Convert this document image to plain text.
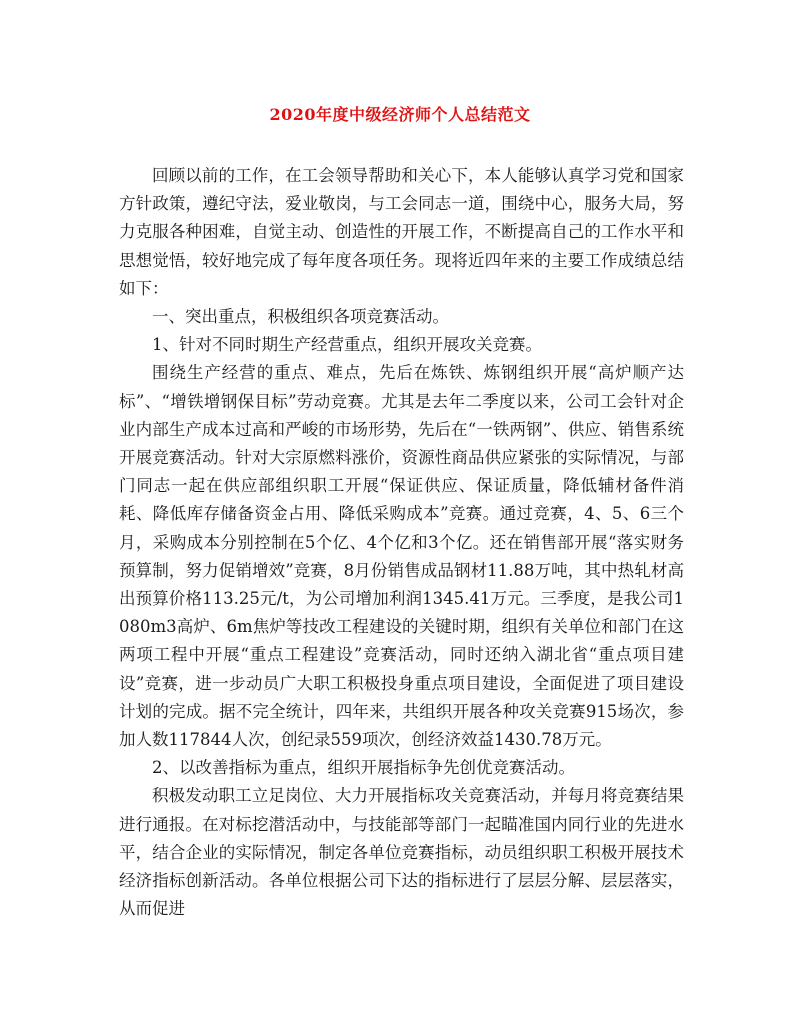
2020年度中级经济师个人总结范文

回顾以前的工作，在工会领导帮助和关心下，本人能够认真学习党和国家方针政策，遵纪守法，爱业敬岗，与工会同志一道，围绕中心，服务大局，努力克服各种困难，自觉主动、创造性的开展工作，不断提高自己的工作水平和思想觉悟，较好地完成了每年度各项任务。现将近四年来的主要工作成绩总结如下：

一、突出重点，积极组织各项竞赛活动。

1、针对不同时期生产经营重点，组织开展攻关竞赛。

围绕生产经营的重点、难点，先后在炼铁、炼钢组织开展“高炉顺产达标”、“增铁增钢保目标”劳动竞赛。尤其是去年二季度以来，公司工会针对企业内部生产成本过高和严峻的市场形势，先后在“一铁两钢”、供应、销售系统开展竞赛活动。针对大宗原燃料涨价，资源性商品供应紧张的实际情况，与部门同志一起在供应部组织职工开展“保证供应、保证质量，降低辅材备件消耗、降低库存储备资金占用、降低采购成本”竞赛。通过竞赛，4、5、6三个月，采购成本分别控制在5个亿、4个亿和3个亿。还在销售部开展“落实财务预算制，努力促销增效”竞赛，8月份销售成品钢材11.88万吨，其中热轧材高出预算价格113.25元/t，为公司增加利润1345.41万元。三季度，是我公司1080m3高炉、6m焦炉等技改工程建设的关键时期，组织有关单位和部门在这两项工程中开展“重点工程建设”竞赛活动，同时还纳入湖北省“重点项目建设”竞赛，进一步动员广大职工积极投身重点项目建设，全面促进了项目建设计划的完成。据不完全统计，四年来，共组织开展各种攻关竞赛915场次，参加人数117844人次，创纪录559项次，创经济效益1430.78万元。

2、以改善指标为重点，组织开展指标争先创优竞赛活动。

积极发动职工立足岗位、大力开展指标攻关竞赛活动，并每月将竞赛结果进行通报。在对标挖潜活动中，与技能部等部门一起瞄准国内同行业的先进水平，结合企业的实际情况，制定各单位竞赛指标，动员组织职工积极开展技术经济指标创新活动。各单位根据公司下达的指标进行了层层分解、层层落实，从而促进
